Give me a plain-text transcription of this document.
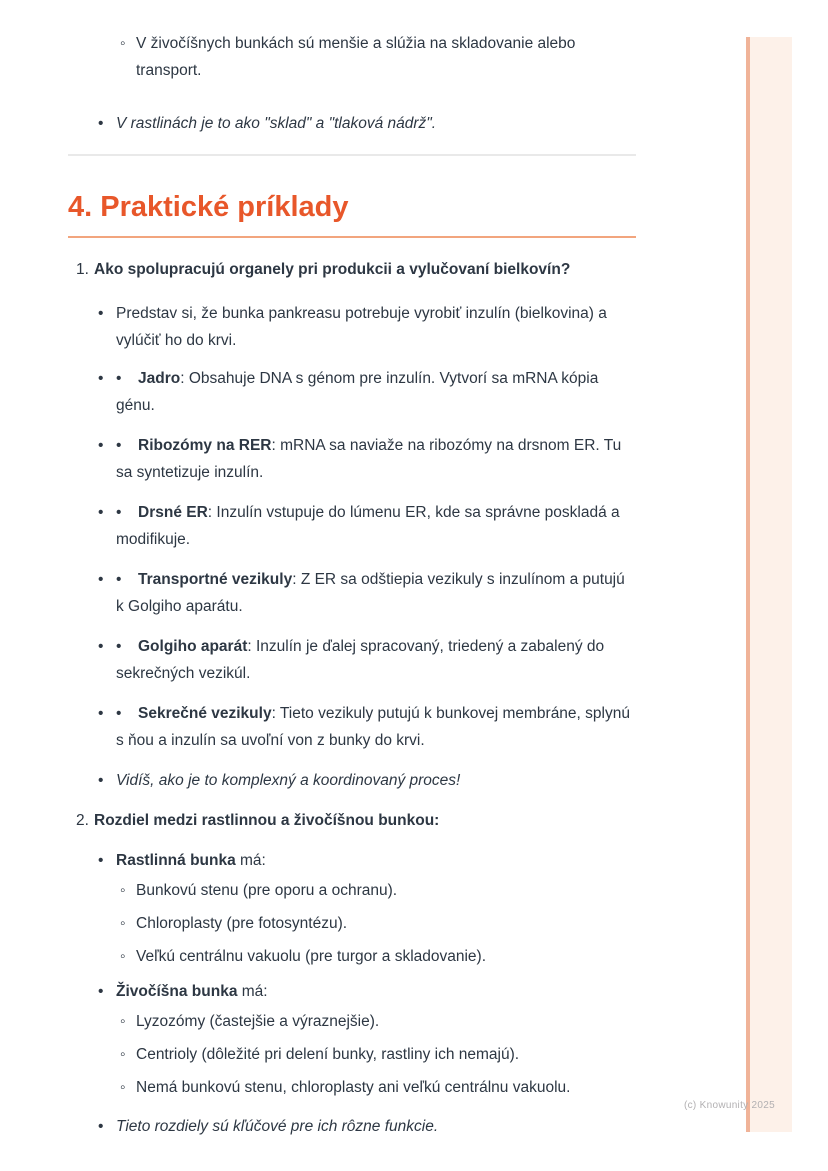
◦ V živočíšnych bunkách sú menšie a slúžia na skladovanie alebo transport.
• V rastlinách je to ako "sklad" a "tlaková nádrž".
4. Praktické príklady
1. Ako spolupracujú organely pri produkcii a vylučovaní bielkovín?
• Predstav si, že bunka pankreasu potrebuje vyrobiť inzulín (bielkovina) a vylúčiť ho do krvi.
• • Jadro: Obsahuje DNA s génom pre inzulín. Vytvorí sa mRNA kópia génu.
• • Ribozómy na RER: mRNA sa naviaže na ribozómy na drsnom ER. Tu sa syntetizuje inzulín.
• • Drsné ER: Inzulín vstupuje do lúmenu ER, kde sa správne poskladá a modifikuje.
• • Transportné vezikuly: Z ER sa odštiepia vezikuly s inzulínom a putujú k Golgiho aparátu.
• • Golgiho aparát: Inzulín je ďalej spracovaný, triedený a zabalený do sekrečných vezikúl.
• • Sekrečné vezikuly: Tieto vezikuly putujú k bunkovej membráne, splynú s ňou a inzulín sa uvoľní von z bunky do krvi.
• Vidíš, ako je to komplexný a koordinovaný proces!
2. Rozdiel medzi rastlinnou a živočíšnou bunkou:
• Rastlinná bunka má:
◦ Bunkovú stenu (pre oporu a ochranu).
◦ Chloroplasty (pre fotosyntézu).
◦ Veľkú centrálnu vakuolu (pre turgor a skladovanie).
• Živočíšna bunka má:
◦ Lyzozómy (častejšie a výraznejšie).
◦ Centrioly (dôležité pri delení bunky, rastliny ich nemajú).
◦ Nemá bunkovú stenu, chloroplasty ani veľkú centrálnu vakuolu.
• Tieto rozdiely sú kľúčové pre ich rôzne funkcie.
(c) Knowunity 2025
